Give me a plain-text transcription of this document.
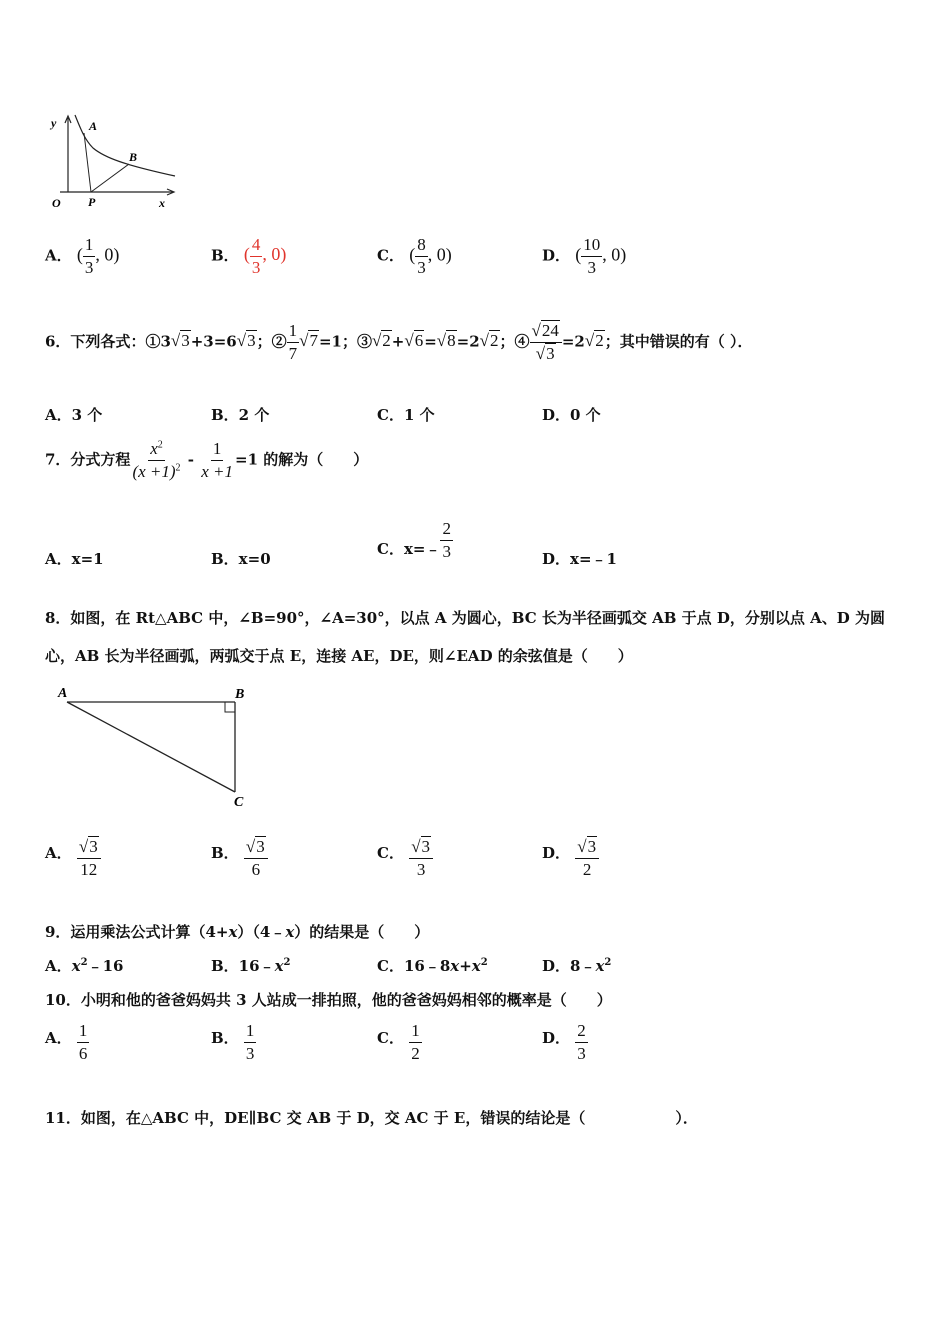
y	A
B
O P	x
A． ( $\frac{1}{3}$ , 0)	B． ( $\frac{4}{3}$ , 0)	C． ( $\frac{8}{3}$ , 0)	D． ( $\frac{10}{3}$ , 0)
6．下列各式：①3√3+3=6√3；② $\frac{1}{7} √7=1$；③√2+√6=√8=2√2；④ $\frac{√24}{√3} =2√2$；其中错误的有（ ）．
A．3 个	B．2 个	C．1 个	D．0 个
7．分式方程 $\frac{x^2}{(x +1)^2} - \frac{1}{x +1} =1$ 的解为（　　）
A．x=1	B．x=0
C．x=﹣ $\frac{2}{3}$	D．x=﹣1
8．如图，在 Rt△ABC 中，∠B=90°，∠A=30°，以点 A 为圆心，BC 长为半径画弧交 AB 于点 D，分别以点 A、D 为圆
心，AB 长为半径画弧，两弧交于点 E，连接 AE，DE，则∠EAD 的余弦值是（　　）
A	B
C
A． $\frac{√3}{12}$	B． $\frac{√3}{6}$	C． $\frac{√3}{3}$	D． $\frac{√3}{2}$
9．运用乘法公式计算（4+x）（4﹣x）的结果是（　　）
A．$x^2﹣16$	B．$16﹣x^2$	C．$16﹣8x+x^2$	D．$8﹣x^2$
10．小明和他的爸爸妈妈共 3 人站成一排拍照，他的爸爸妈妈相邻的概率是（　　）
A． $\frac{1}{6}$	B． $\frac{1}{3}$	C． $\frac{1}{2}$	D． $\frac{2}{3}$
11．如图，在△ABC 中，DE∥BC 交 AB 于 D，交 AC 于 E，错误的结论是（　　　　　　）．
